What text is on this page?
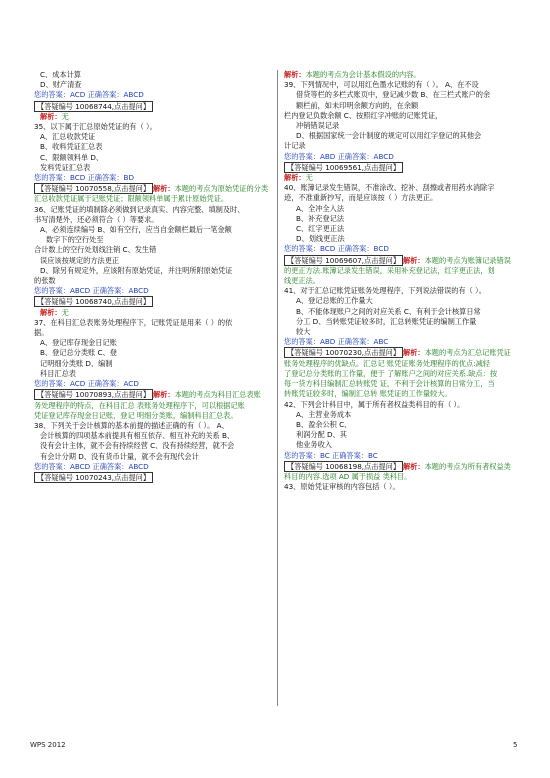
C、成本计算
D、财产清查
您的答案：ACD 正确答案：ABCD
【答疑编号 10068744,点击提问】
解析：无
35、以下属于汇总原始凭证的有（ ）。
A、汇总收款凭证
B、收料凭证汇总表
C、限额领料单 D、
发料凭证汇总表
您的答案：BCD 正确答案：BD
【答疑编号 10070558,点击提问】解析：本题的考点为原始凭证的分类
汇总收款凭证属于记账凭证；限额领料单属于累计原始凭证。
36、记账凭证的填制除必须做到记录真实、内容完整、填制及时、
书写清楚外，还必须符合（ ）等要求。
A、必须连续编号 B、如有空行，应当自金额栏最后一笔金额
数字下的空行处至
合计数上的空行处划线注销 C、发生错
误应该按规定的方法更正
D、除另有规定外，应该附有原始凭证，并注明所附原始凭证
的张数
您的答案：ABCD 正确答案：ABCD
【答疑编号 10068740,点击提问】
解析：无
37、在科目汇总表账务处理程序下，记账凭证是用来（ ）的依
据。
A、登记库存现金日记账
B、登记总分类账 C、登
记明细分类账 D、编制
科目汇总表
您的答案：ACD 正确答案：ACD
【答疑编号 10070893,点击提问】解析：本题的考点为科目汇总表账
务处理程序的特点，在科目汇总 表账务处理程序下，可以根据记账
凭证登记库存现金日记账，登记 明细分类账，编制科目汇总表。
38、下列关于会计核算的基本前提的描述正确的有（ ）。 A、
会计核算的四项基本前提具有相互依存、相互补充的关系 B、
没有会计主体，就不会有持续经营 C、没有持续经营，就不会
有会计分期 D、没有货币计量，就不会有现代会计
您的答案：ABCD 正确答案：ABCD
【答疑编号 10070243,点击提问】
解析：本题的考点为会计基本假设的内容。
39、下列情况中，可以用红色墨水记账的有（ ）。 A、在不设
借贷等栏的多栏式账页中，登记减少数 B、在三栏式账户的余
额栏前，如未印明余额方向的，在余额
栏内登记负数余额 C、按照红字冲账的记账凭证，
冲销错误记录
D、根据国家统一会计制度的规定可以用红字登记的其他会
计记录
您的答案：ABD 正确答案：ABCD
【答疑编号 10069561,点击提问】
解析：无
40、账簿记录发生错误，不准涂改、挖补、刮擦或者用药水消除字
迹，不准重新抄写，而是应该按（ ）方法更正。
A、全冲全入法
B、补充登记法
C、红字更正法
D、划线更正法
您的答案：BCD 正确答案：BCD
【答疑编号 10069607,点击提问】解析：本题的考点为账簿记录错误
的更正方法.账簿记录发生错误，采用补充登记法，红字更正法，划
线更正法。
41、对于汇总记账凭证账务处理程序，下列说法错误的有（ ）。
A、登记总账的工作量大
B、不能体现账户之间的对应关系 C、有利于会计核算日常
分工 D、当转账凭证较多时，汇总转账凭证的编制工作量
较大
您的答案：ABD 正确答案：ABC
【答疑编号 10070230,点击提问】解析：本题的考点为汇总记账凭证
账务处理程序的优缺点。汇总记 账凭证账务处理程序的优点:减轻
了登记总分类账的工作量，便于 了解账户之间的对应关系.缺点：按
每一贷方科目编制汇总转账凭 证，不利于会计核算的日常分工，当
转账凭证较多时，编制汇总转 账凭证的工作量较大。
42、下列会计科目中，属于所有者权益类科目的有（ ）。
A、主营业务成本
B、盈余公积 C、
利润分配 D、其
他业务收入
您的答案：BC 正确答案：BC
【答疑编号 10068198,点击提问】解析：本题的考点为所有者权益类
科目的内容.选项 AD 属于损益 类科目。
43、原始凭证审核的内容包括（ ）。
WPS 2012	5
